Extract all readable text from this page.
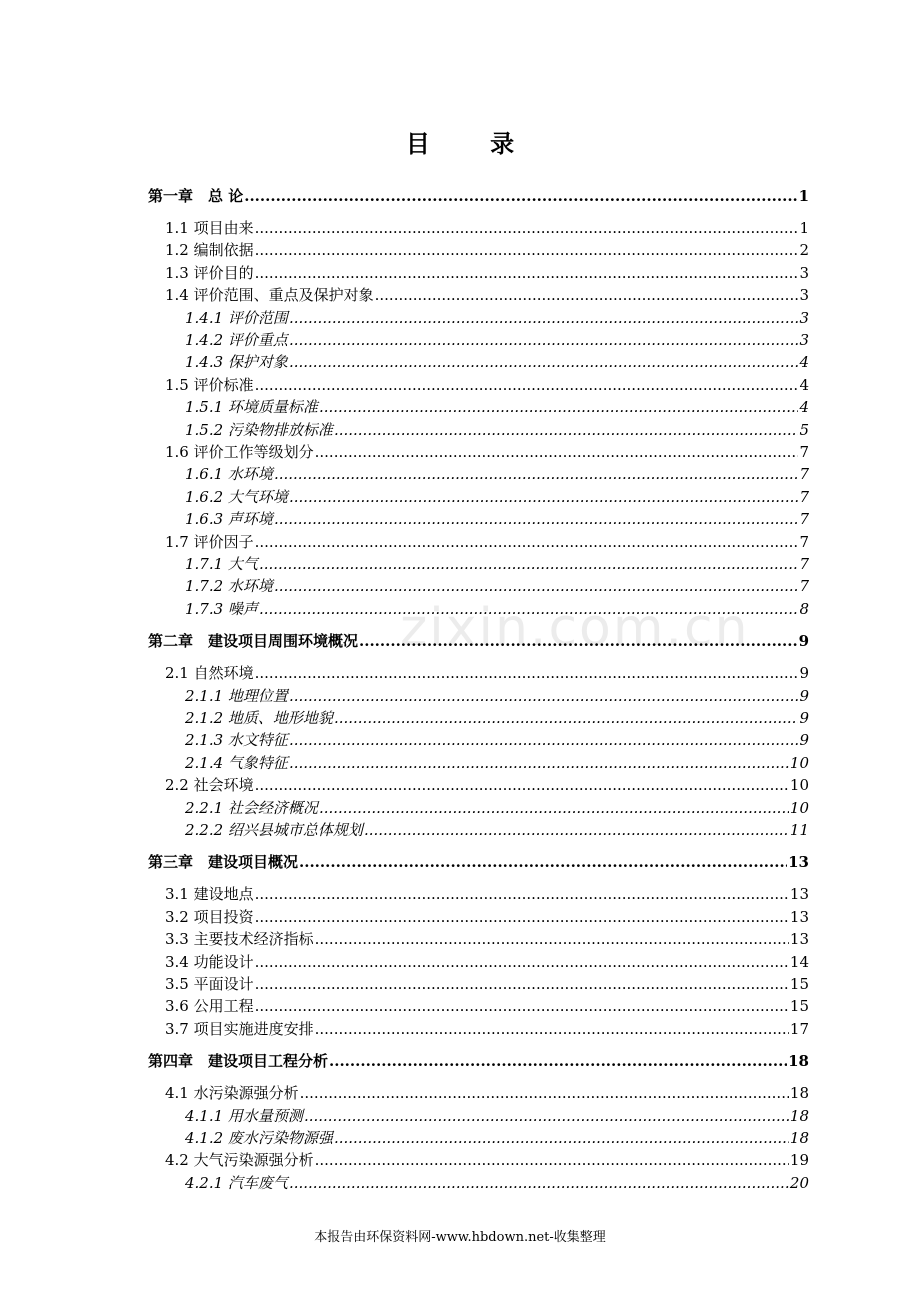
目 录
zixin.com.cn
第一章　总 论 .....	1
1.1 项目由来 .....	1
1.2 编制依据 .....	2
1.3 评价目的 .....	3
1.4 评价范围、重点及保护对象 .....	3
1.4.1 评价范围 .....	3
1.4.2 评价重点 .....	3
1.4.3 保护对象 .....	4
1.5 评价标准 .....	4
1.5.1 环境质量标准 .....	4
1.5.2 污染物排放标准 .....	5
1.6 评价工作等级划分 .....	7
1.6.1 水环境 .....	7
1.6.2 大气环境 .....	7
1.6.3 声环境 .....	7
1.7 评价因子 .....	7
1.7.1 大气 .....	7
1.7.2 水环境 .....	7
1.7.3 噪声 .....	8
第二章　建设项目周围环境概况 .....	9
2.1 自然环境 .....	9
2.1.1 地理位置 .....	9
2.1.2 地质、地形地貌 .....	9
2.1.3 水文特征 .....	9
2.1.4 气象特征 .....	10
2.2 社会环境 .....	10
2.2.1 社会经济概况 .....	10
2.2.2 绍兴县城市总体规划 .....	11
第三章　建设项目概况 .....	13
3.1 建设地点 .....	13
3.2 项目投资 .....	13
3.3 主要技术经济指标 .....	13
3.4 功能设计 .....	14
3.5 平面设计 .....	15
3.6 公用工程 .....	15
3.7 项目实施进度安排 .....	17
第四章　建设项目工程分析 .....	18
4.1 水污染源强分析 .....	18
4.1.1 用水量预测 .....	18
4.1.2 废水污染物源强 .....	18
4.2 大气污染源强分析 .....	19
4.2.1 汽车废气 .....	20
本报告由环保资料网-www.hbdown.net-收集整理
